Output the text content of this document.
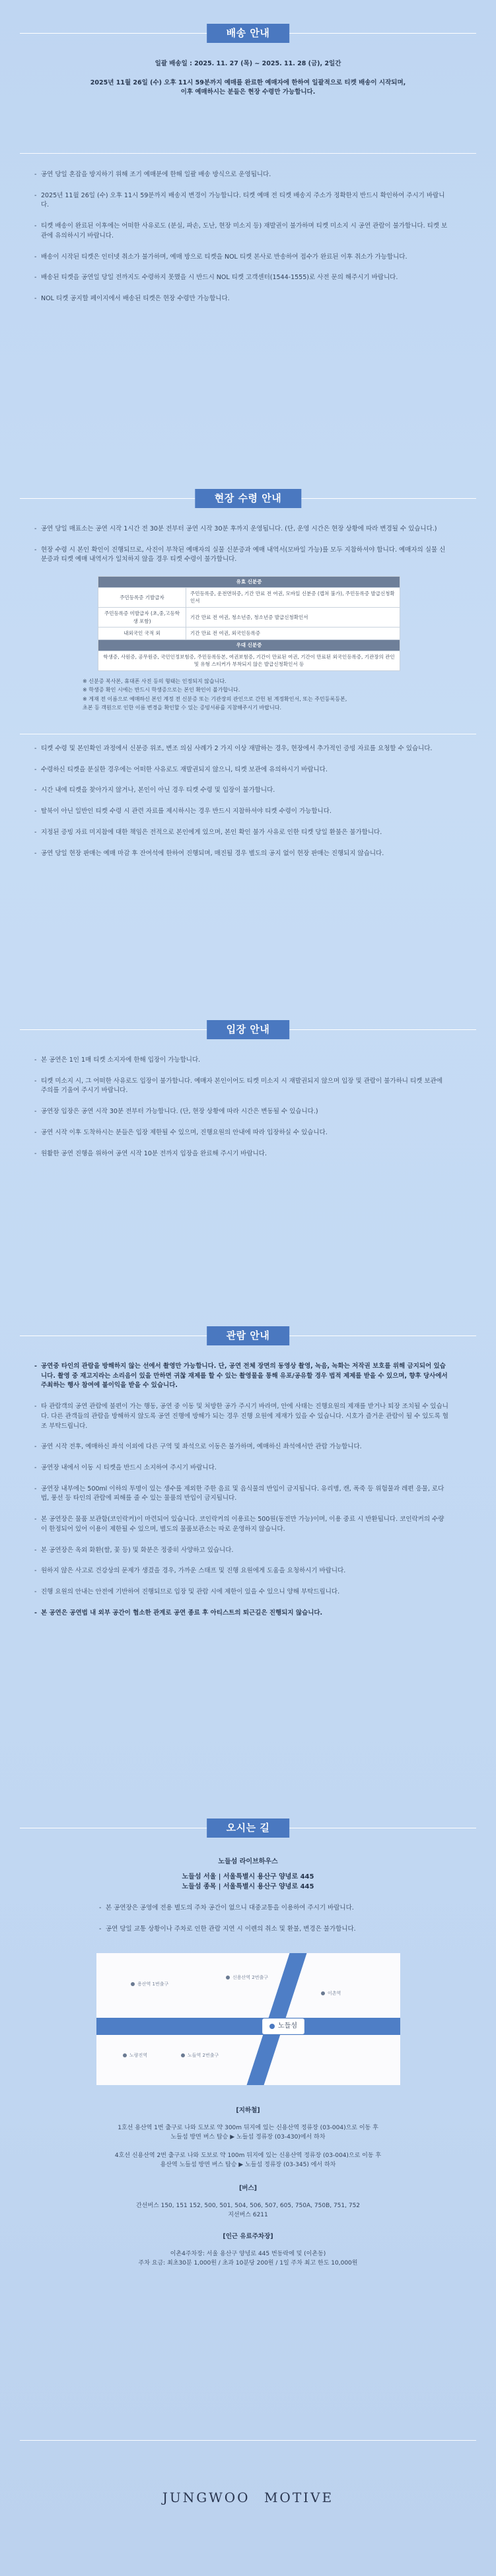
배송 안내
일괄 배송일 : 2025. 11. 27 (목) ~ 2025. 11. 28 (금), 2일간
2025년 11월 26일 (수) 오후 11시 59분까지 예매를 완료한 예매자에 한하여 일괄적으로 티켓 배송이 시작되며,
이후 예매하시는 분들은 현장 수령만 가능합니다.
- 공연 당일 혼잡을 방지하기 위해 조기 예매분에 한해 일괄 배송 방식으로 운영됩니다.
- 2025년 11월 26일 (수) 오후 11시 59분까지 배송지 변경이 가능합니다. 티켓 예매 전 티켓 배송지 주소가 정확한지 반드시 확인하여 주시기 바랍니다.
- 티켓 배송이 완료된 이후에는 어떠한 사유로도 (분실, 파손, 도난, 현장 미소지 등) 재발권이 불가하며 티켓 미소지 시 공연 관람이 불가합니다. 티켓 보관에 유의하시기 바랍니다.
- 배송이 시작된 티켓은 인터넷 취소가 불가하며, 예매 방으로 티켓을 NOL 티켓 본사로 반송하여 접수가 완료된 이후 취소가 가능합니다.
- 배송된 티켓을 공연일 당일 전까지도 수령하지 못했을 시 반드시 NOL 티켓 고객센터(1544-1555)로 사전 문의 해주시기 바랍니다.
- NOL 티켓 공지할 페이지에서 배송된 티켓은 현장 수령만 가능합니다.
현장 수령 안내
- 공연 당일 매표소는 공연 시작 1시간 전 30분 전부터 공연 시작 30분 후까지 운영됩니다. (단, 운영 시간은 현장 상황에 따라 변경될 수 있습니다.)
- 현장 수령 시 본인 확인이 진행되므로, 사진이 부착된 예매자의 실물 신분증과 예매 내역서(모바일 가능)를 모두 지참하셔야 합니다. 예매자의 실물 신분증과 티켓 예매 내역서가 일치하지 않을 경우 티켓 수령이 불가합니다.
유효 신분증	
주민등록증 기발급자	주민등록증, 운전면허증, 기간 만료 전 여권, 모바일 신분증 (캡쳐 불가), 주민등록증 발급신청확인서
주민등록증 미발급자 (초,중,고등학생 포함)	기간 만료 전 여권, 청소년증, 청소년증 발급신청확인서
내외국인 국적 외	기간 만료 전 여권, 외국인등록증
우대 신분증	
학생증, 사원증, 공무원증, 국민인정보험증, 주민등록등본, 여권보험증, 기간이 만료된 여권, 기간이 만료된 외국인등록증, 기관장의 관인 및 유형 스티커가 부착되지 않은 발급신청확인서 등	
※ 신분증 복사본, 휴대폰 사진 등의 형태는 인정되지 않습니다.
※ 학생증 확인 시에는 반드시 학생증으로는 본인 확인이 불가합니다.
※ 게재 전 이름으로 예매하신 본인 계정 전 신분증 또는 기관장의 관인으로 간헌 된 계정확인서, 또는 주민등록등본,
초본 등 객원으로 인한 이름 변경을 확인할 수 있는 증빙서류를 지참해주시기 바랍니다.
- 티켓 수령 및 본인확인 과정에서 신분증 위조, 변조 의심 사례가 2 가지 이상 재발하는 경우, 현장에서 추가적인 증빙 자료를 요청할 수 있습니다.
- 수령하신 티켓을 분실한 경우에는 어떠한 사유로도 재발권되지 않으니, 티켓 보관에 유의하시기 바랍니다.
- 시간 내에 티켓을 찾아가지 않거나, 본인이 아닌 경우 티켓 수령 및 입장이 불가합니다.
- 탈북이 아닌 일반인 티켓 수령 시 관련 자료를 제시하시는 경우 반드시 지참하셔야 티켓 수령이 가능합니다.
- 지정된 증빙 자료 미지참에 대한 책임은 전적으로 본인에게 있으며, 본인 확인 불가 사유로 인한 티켓 당일 환불은 불가합니다.
- 공연 당일 현장 판매는 예매 마감 후 잔여석에 한하여 진행되며, 매진될 경우 별도의 공지 없이 현장 판매는 진행되지 않습니다.
입장 안내
- 본 공연은 1인 1매 티켓 소지자에 한해 입장이 가능합니다.
- 티켓 미소지 시, 그 어떠한 사유로도 입장이 불가합니다. 예매자 본인이어도 티켓 미소지 시 재발권되지 않으며 입장 및 관람이 불가하니 티켓 보관에 주의를 기울여 주시기 바랍니다.
- 공연장 입장은 공연 시작 30분 전부터 가능합니다. (단, 현장 상황에 따라 시간은 변동될 수 있습니다.)
- 공연 시작 이후 도착하시는 분들은 입장 제한될 수 있으며, 진행요원의 안내에 따라 입장하실 수 있습니다.
- 원활한 공연 진행을 위하여 공연 시작 10분 전까지 입장을 완료해 주시기 바랍니다.
관람 안내
- 공연중 타인의 관람을 방해하지 않는 선에서 촬영만 가능합니다. 단, 공연 전체 장면의 동영상 촬영, 녹음, 녹화는 저작권 보호를 위해 금지되어 있습니다. 촬영 중 재고지라는 소리음이 있을 만하면 귀찮 재제를 할 수 있는 촬영물을 통해 유포/공유할 경우 법적 제제를 받을 수 있으며, 향후 당사에서 주최하는 행사 참여에 불이익을 받을 수 있습니다.
- 타 관람객의 공연 관람에 불편이 가는 행동, 공연 중 이동 및 처방한 공가 주시기 바라며, 안에 사태는 진행요원의 제재를 받거나 퇴장 조치될 수 있습니다. 다른 관객들의 관람을 방해하지 않도록 공연 진행에 방해가 되는 경우 진행 요원에 제재가 있을 수 있습니다. 시호가 즐거운 관람이 될 수 있도록 협조 부탁드립니다.
- 공연 시작 전후, 예매하신 좌석 이외에 다른 구역 및 좌석으로 이동은 불가하며, 예매하신 좌석에서만 관람 가능합니다.
- 공연장 내에서 이동 시 티켓을 반드시 소지하여 주시기 바랍니다.
- 공연장 내부에는 500ml 이하의 투명이 있는 생수를 제외한 주한 음료 및 음식물의 반입이 금지됩니다. 유리병, 캔, 폭죽 등 위험물과 레편 응물, 로다법, 풍선 등 타인의 관람에 피해를 줄 수 있는 물품의 반입이 금지됩니다.
- 본 공연장은 물품 보관함(코인락커)이 마련되어 있습니다. 코인락커의 이용료는 500원(동전만 가능)이며, 이용 중료 시 반환됩니다. 코인락커의 수량이 한정되어 있어 이용이 제한될 수 있으며, 별도의 물품보관소는 따로 운영하지 않습니다.
- 본 공연장은 옥외 화환(쌀, 꽃 등) 및 화분은 정중히 사양하고 있습니다.
- 원하지 않은 사고로 건강상의 문제가 생겼을 경우, 가까운 스태프 및 진행 요원에게 도움을 요청하시기 바랍니다.
- 진행 요원의 안내는 안전에 기반하여 진행되므로 입장 및 관람 시에 제한이 있을 수 있으니 양해 부탁드립니다.
- 본 공연은 공연법 내 외부 공간이 협소한 관계로 공연 종료 후 아티스트의 퇴근길은 진행되지 않습니다.
오시는 길
노들섬 라이브하우스
노들섬 서울 | 서울특별시 용산구 양녕로 445
노들섬 종목 | 서울특별시 용산구 양녕로 445
- 본 공연장은 공영에 전용 별도의 주차 공간이 없으니 대중교통을 이용하여 주시기 바랍니다.
- 공연 당일 교통 상황이나 주차로 인한 관람 지연 시 이렌의 취소 및 환불, 변경은 불가합니다.
용산역 1번출구
신용산역 2번출구
이촌역
노량진역	노들역 2번출구
노들섬
[지하철]
1호선 용산역 1번 출구로 나와 도보로 약 300m 뒤지에 있는 신용산역 정류장 (03-004)으로 이동 후
노들섬 방면 버스 탑승 ▶ 노들섬 정류장 (03-430)에서 하차
4호선 신용산역 2번 출구로 나와 도보로 약 100m 뒤지에 있는 신용산역 정류장 (03-004)으로 이동 후
용산역 노들섬 방면 버스 탑승 ▶ 노들섬 정류장 (03-345) 에서 하차
[버스]
간선버스 150, 151 152, 500, 501, 504, 506, 507, 605, 750A, 750B, 751, 752
지선버스 6211
[인근 유료주차장]
이촌4주차장: 서울 용산구 양녕로 445 번동락에 및 (이촌동)
주차 요금: 최초30분 1,000원 / 초과 10분당 200원 / 1일 주차 최고 한도 10,000원
JUNGWOO MOTIVE
